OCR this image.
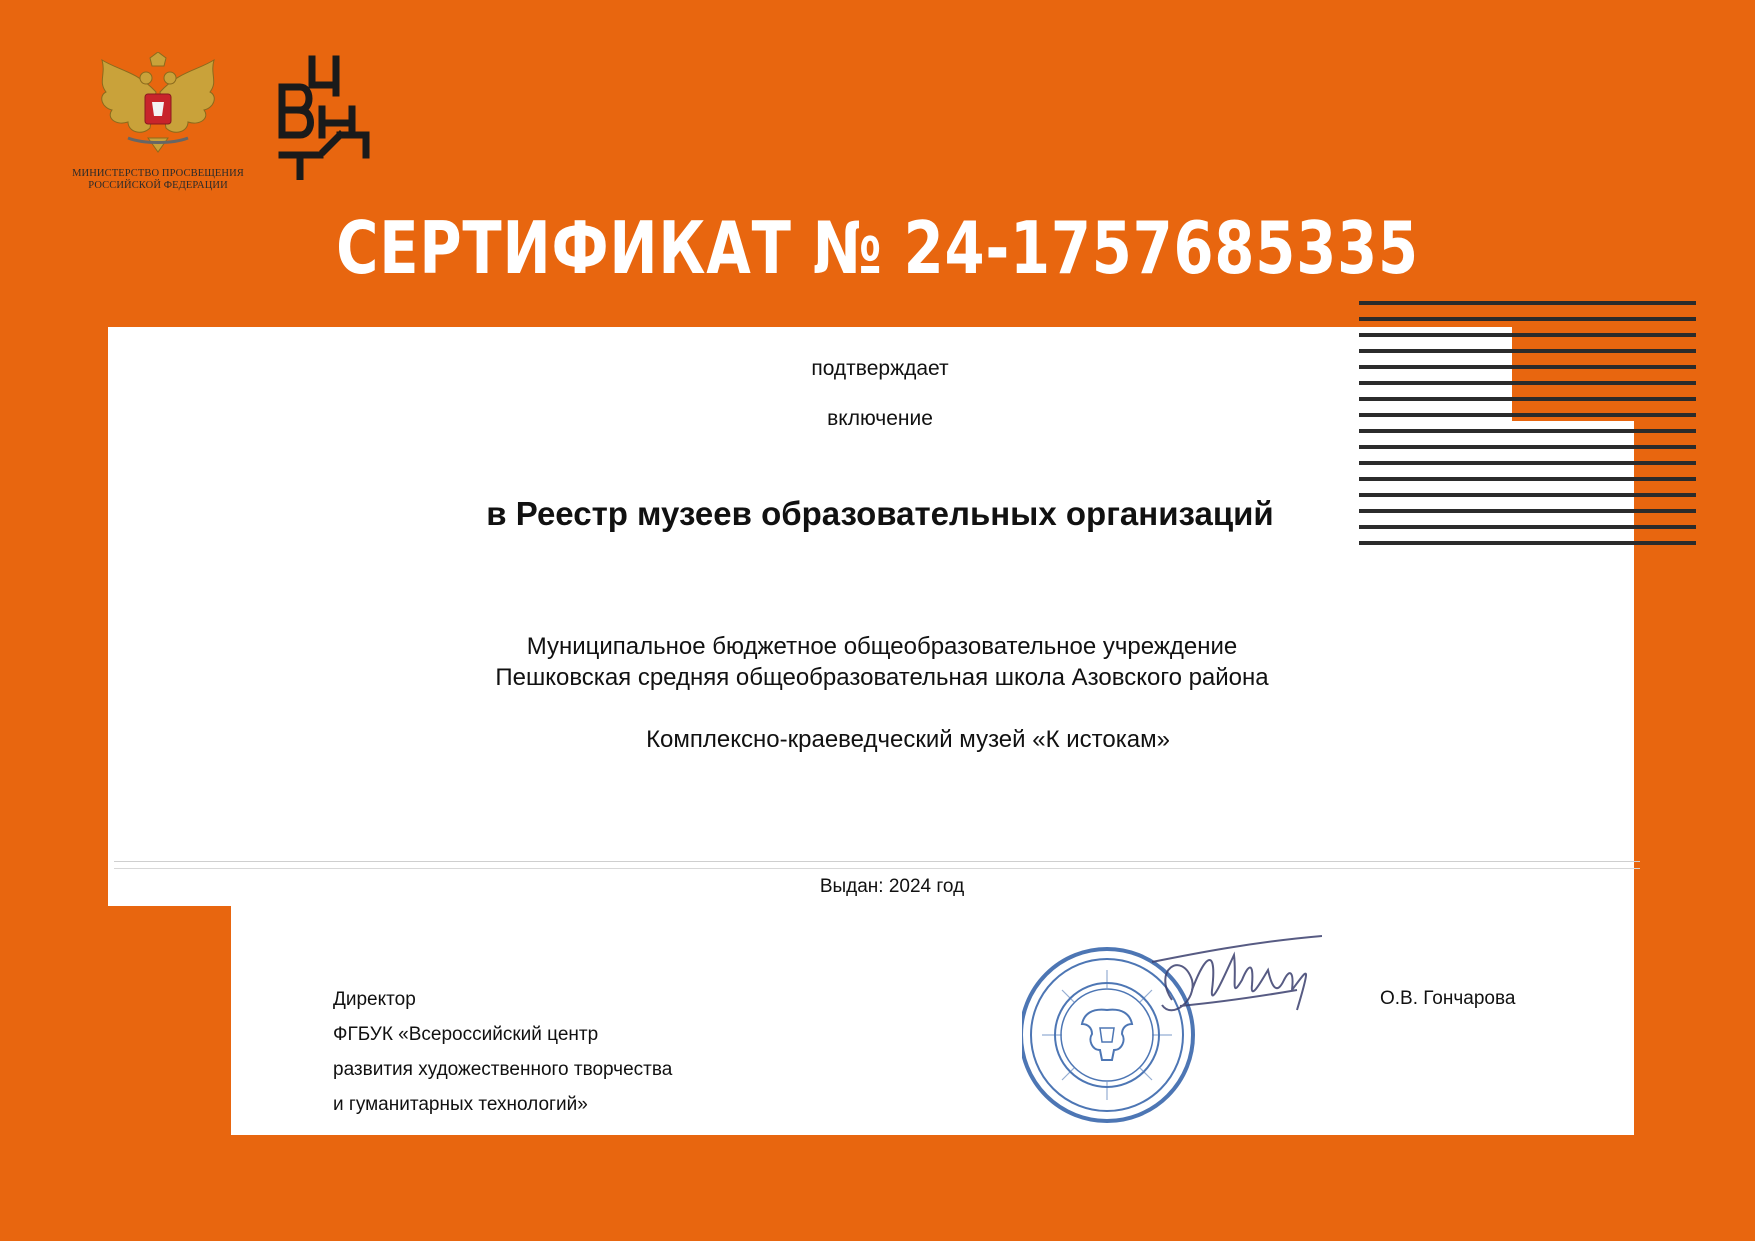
МИНИСТЕРСТВО ПРОСВЕЩЕНИЯ
РОССИЙСКОЙ ФЕДЕРАЦИИ
СЕРТИФИКАТ № 24-1757685335
подтверждает
включение
в Реестр музеев образовательных организаций
Муниципальное бюджетное общеобразовательное учреждение
Пешковская средняя общеобразовательная школа Азовского района
Комплексно-краеведческий музей «К истокам»
Выдан: 2024 год
Директор
ФГБУК «Всероссийский центр
развития художественного творчества
и гуманитарных технологий»
О.В. Гончарова
